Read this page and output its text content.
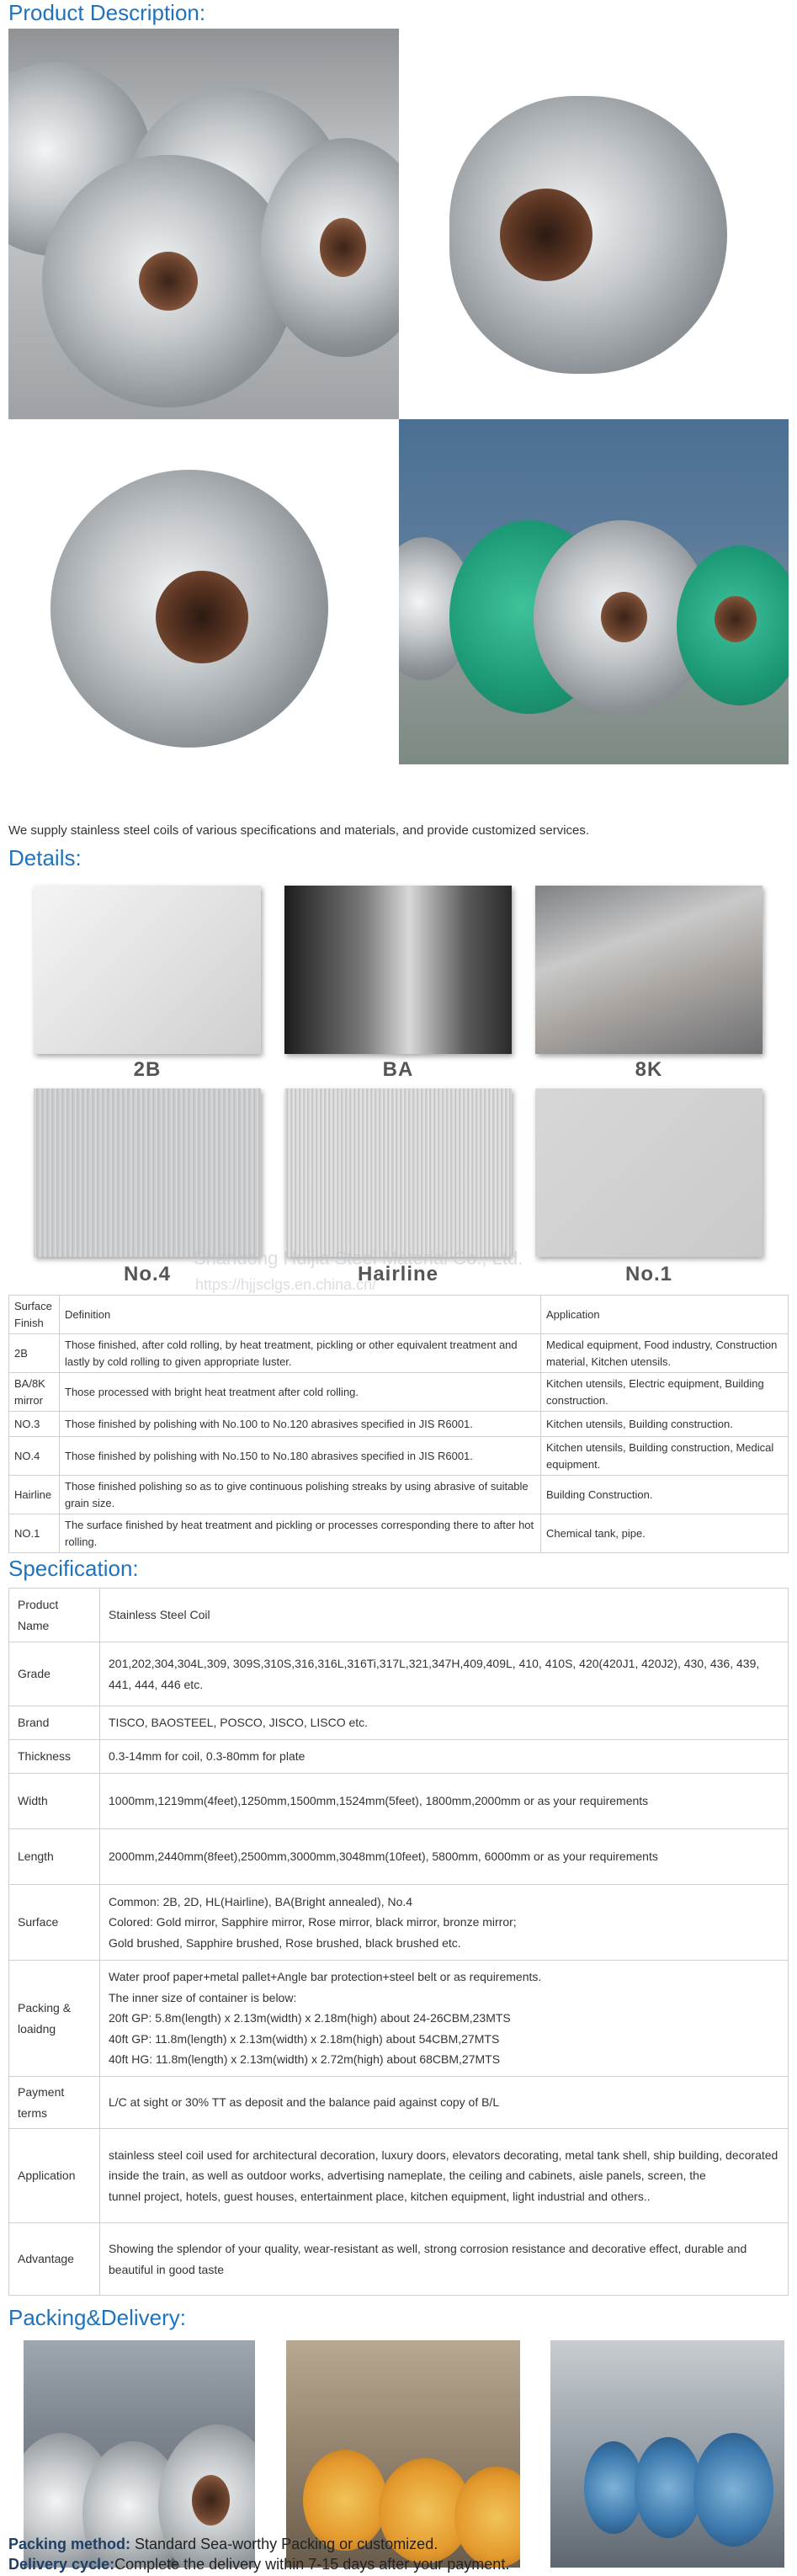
Product Description:
We supply stainless steel coils of various specifications and materials, and provide customized services.
Details:
2B	BA	8K
No.4	Hairline	No.1
Shandong Huijia Steel Material Co., Ltd.
https://hjjsclgs.en.china.cn/
Surface Finish	Definition	Application
2B	Those finished, after cold rolling, by heat treatment, pickling or other equivalent treatment and lastly by cold rolling to given appropriate luster.	Medical equipment, Food industry, Construction material, Kitchen utensils.
BA/8K mirror	Those processed with bright heat treatment after cold rolling.	Kitchen utensils, Electric equipment, Building construction.
NO.3	Those finished by polishing with No.100 to No.120 abrasives specified in JIS R6001.	Kitchen utensils, Building construction.
NO.4	Those finished by polishing with No.150 to No.180 abrasives specified in JIS R6001.	Kitchen utensils, Building construction, Medical equipment.
Hairline	Those finished polishing so as to give continuous polishing streaks by using abrasive of suitable grain size.	Building Construction.
NO.1	The surface finished by heat treatment and pickling or processes corresponding there to after hot rolling.	Chemical tank, pipe.
Specification:
Product Name	Stainless Steel Coil
Grade	201,202,304,304L,309, 309S,310S,316,316L,316Ti,317L,321,347H,409,409L, 410, 410S, 420(420J1, 420J2), 430, 436, 439, 441, 444, 446 etc.
Brand	TISCO, BAOSTEEL, POSCO, JISCO, LISCO etc.
Thickness	0.3-14mm for coil, 0.3-80mm for plate
Width	1000mm,1219mm(4feet),1250mm,1500mm,1524mm(5feet), 1800mm,2000mm or as your requirements
Length	2000mm,2440mm(8feet),2500mm,3000mm,3048mm(10feet), 5800mm, 6000mm or as your requirements
Surface	Common: 2B, 2D, HL(Hairline), BA(Bright annealed), No.4
Colored: Gold mirror, Sapphire mirror, Rose mirror, black mirror, bronze mirror;
Gold brushed, Sapphire brushed, Rose brushed, black brushed etc.
Packing & loaidng	Water proof paper+metal pallet+Angle bar protection+steel belt or as requirements.
The inner size of container is below:
20ft GP: 5.8m(length) x 2.13m(width) x 2.18m(high) about 24-26CBM,23MTS
40ft GP: 11.8m(length) x 2.13m(width) x 2.18m(high) about 54CBM,27MTS
40ft HG: 11.8m(length) x 2.13m(width) x 2.72m(high) about 68CBM,27MTS
Payment terms	L/C at sight or 30% TT as deposit and the balance paid against copy of B/L
Application	stainless steel coil used for architectural decoration, luxury doors, elevators decorating, metal tank shell, ship building, decorated inside the train, as well as outdoor works, advertising nameplate, the ceiling and cabinets, aisle panels, screen, the
tunnel project, hotels, guest houses, entertainment place, kitchen equipment, light industrial and others..
Advantage	Showing the splendor of your quality, wear-resistant as well, strong corrosion resistance and decorative effect, durable and
beautiful in good taste
Packing&Delivery:
Packing method: Standard Sea-worthy Packing or customized.
Delivery cycle:Complete the delivery within 7-15 days after your payment.
